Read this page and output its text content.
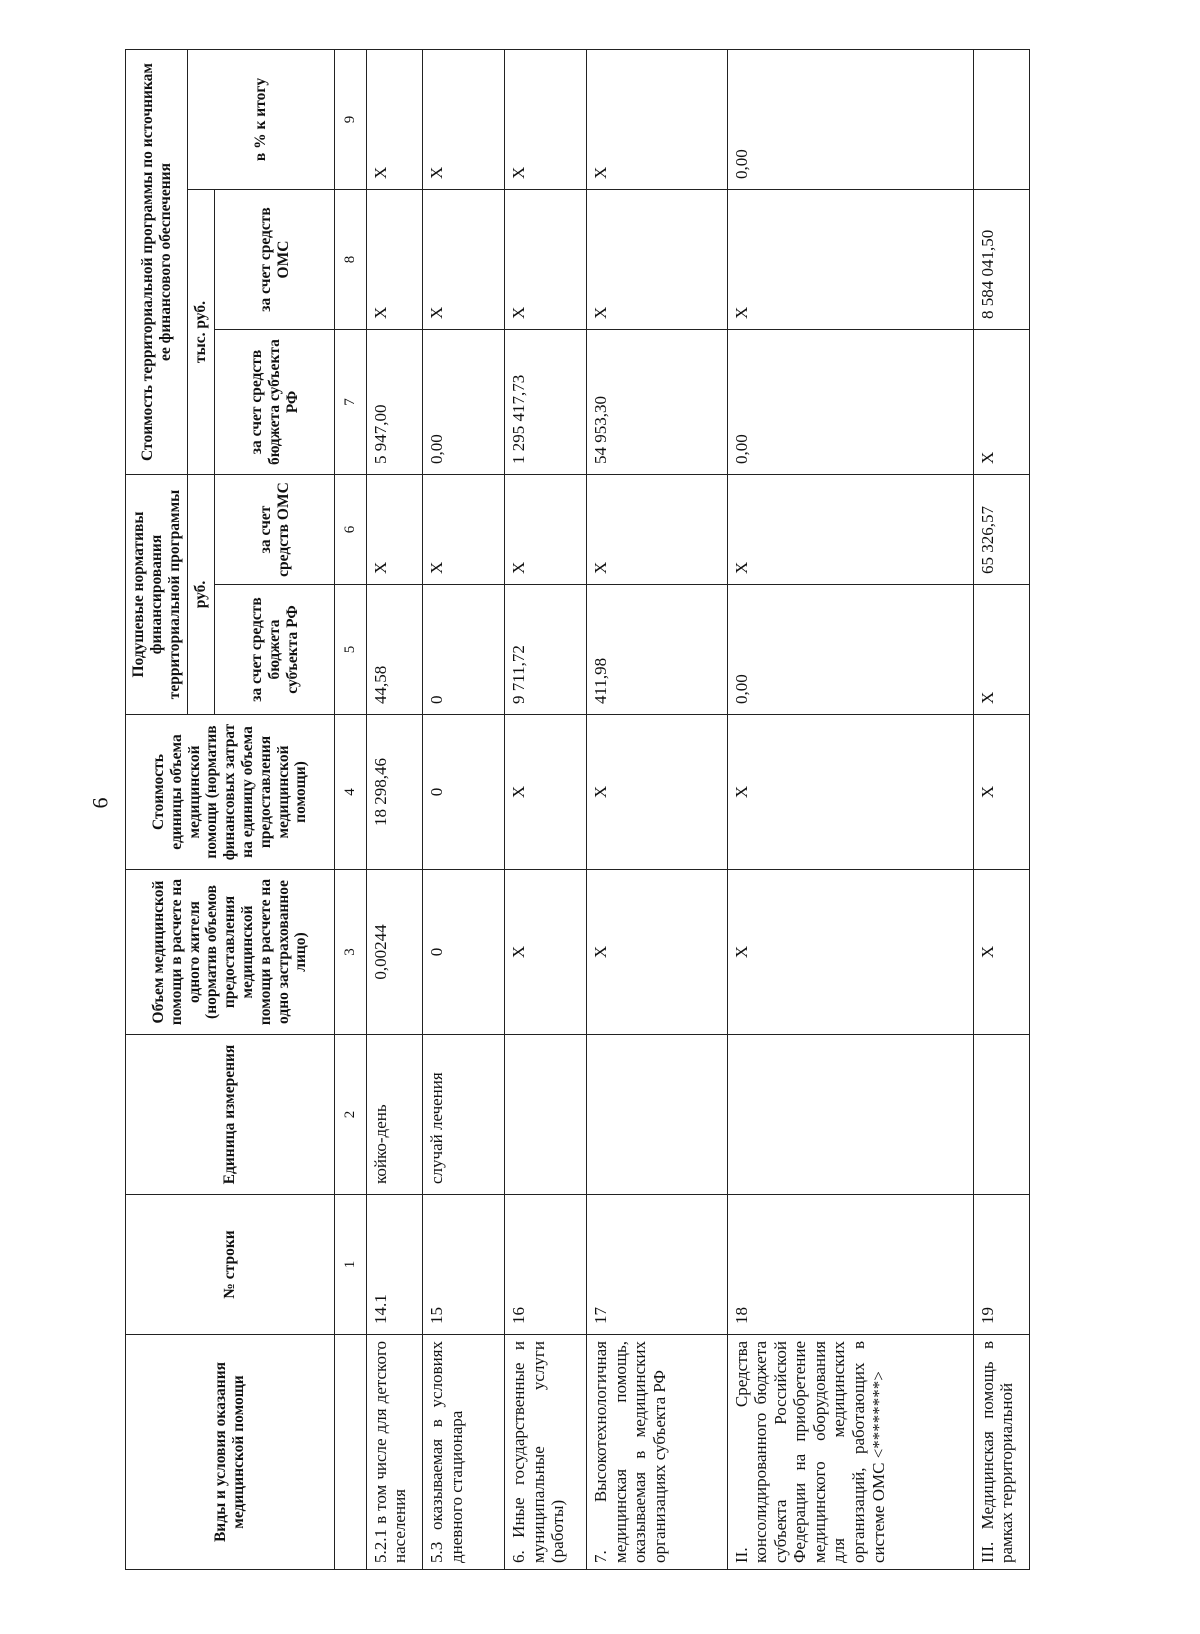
6
Виды и условия оказания медицинской помощи	№ строки	Единица измерения	Объем медицинской помощи в расчете на одного жителя (норматив объемов предоставления медицинской помощи в расчете на одно застрахованное лицо)	Стоимость единицы объема медицинской помощи (норматив финансовых затрат на единицу объема предоставления медицинской помощи)	Подушевые нормативы финансирования территориальной программы		Стоимость территориальной программы по источникам ее финансового обеспечения		
					руб.		тыс. руб.		в % к итогу
					за счет средств бюджета субъекта РФ	за счет средств ОМС	за счет средств бюджета субъекта РФ	за счет средств ОМС	
	1	2	3	4	5	6	7	8	9
5.2.1 в том числе для детского населения	14.1	койко-день	0,00244	18 298,46	44,58	X	5 947,00	X	X
5.3 оказываемая в условиях дневного стационара	15	случай лечения	0	0	0	X	0,00	X	X
6. Иные государственные и муниципальные услуги (работы)	16		X	X	9 711,72	X	1 295 417,73	X	X
7. Высокотехнологичная медицинская помощь, оказываемая в медицинских организациях субъекта РФ	17		X	X	411,98	X	54 953,30	X	X
II. Средства консолидированного бюджета субъекта Российской Федерации на приобретение медицинского оборудования для медицинских организаций, работающих в системе ОМС <********>	18		X	X	0,00	X	0,00	X	0,00
III. Медицинская помощь в рамках территориальной	19		X	X	X	65 326,57	X	8 584 041,50	
